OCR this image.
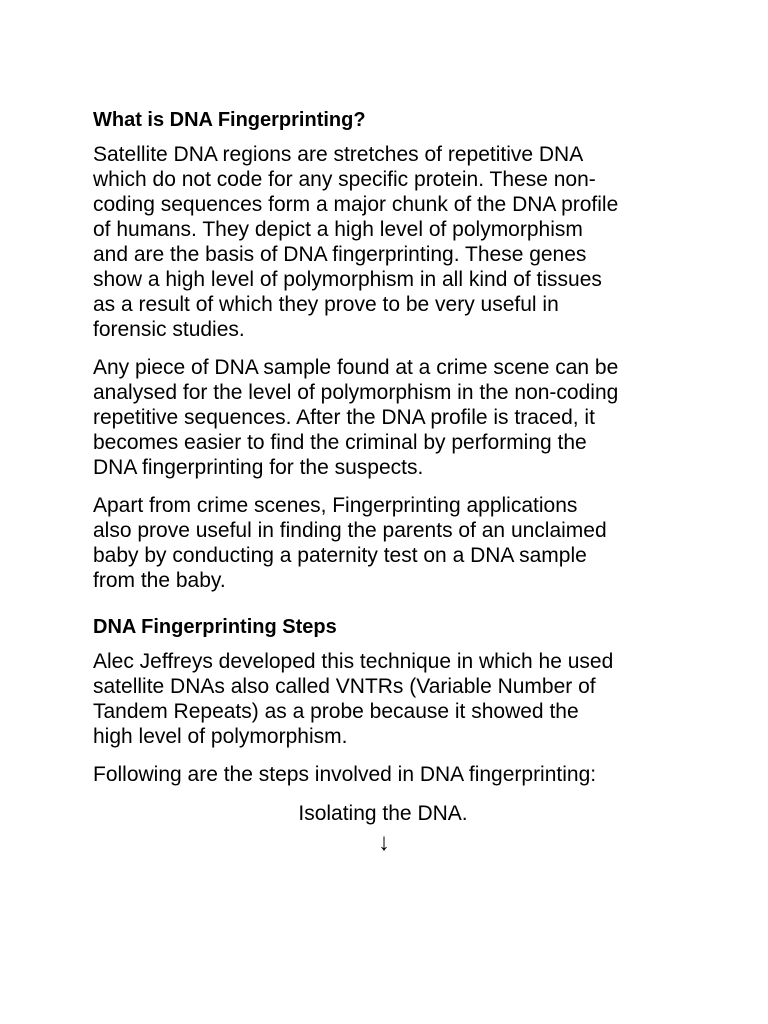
What is DNA Fingerprinting?
Satellite DNA regions are stretches of repetitive DNA
which do not code for any specific protein. These non-
coding sequences form a major chunk of the DNA profile
of humans. They depict a high level of polymorphism
and are the basis of DNA fingerprinting. These genes
show a high level of polymorphism in all kind of tissues
as a result of which they prove to be very useful in
forensic studies.
Any piece of DNA sample found at a crime scene can be
analysed for the level of polymorphism in the non-coding
repetitive sequences. After the DNA profile is traced, it
becomes easier to find the criminal by performing the
DNA fingerprinting for the suspects.
Apart from crime scenes, Fingerprinting applications
also prove useful in finding the parents of an unclaimed
baby by conducting a paternity test on a DNA sample
from the baby.
DNA Fingerprinting Steps
Alec Jeffreys developed this technique in which he used
satellite DNAs also called VNTRs (Variable Number of
Tandem Repeats) as a probe because it showed the
high level of polymorphism.
Following are the steps involved in DNA fingerprinting:
Isolating the DNA.
↓
